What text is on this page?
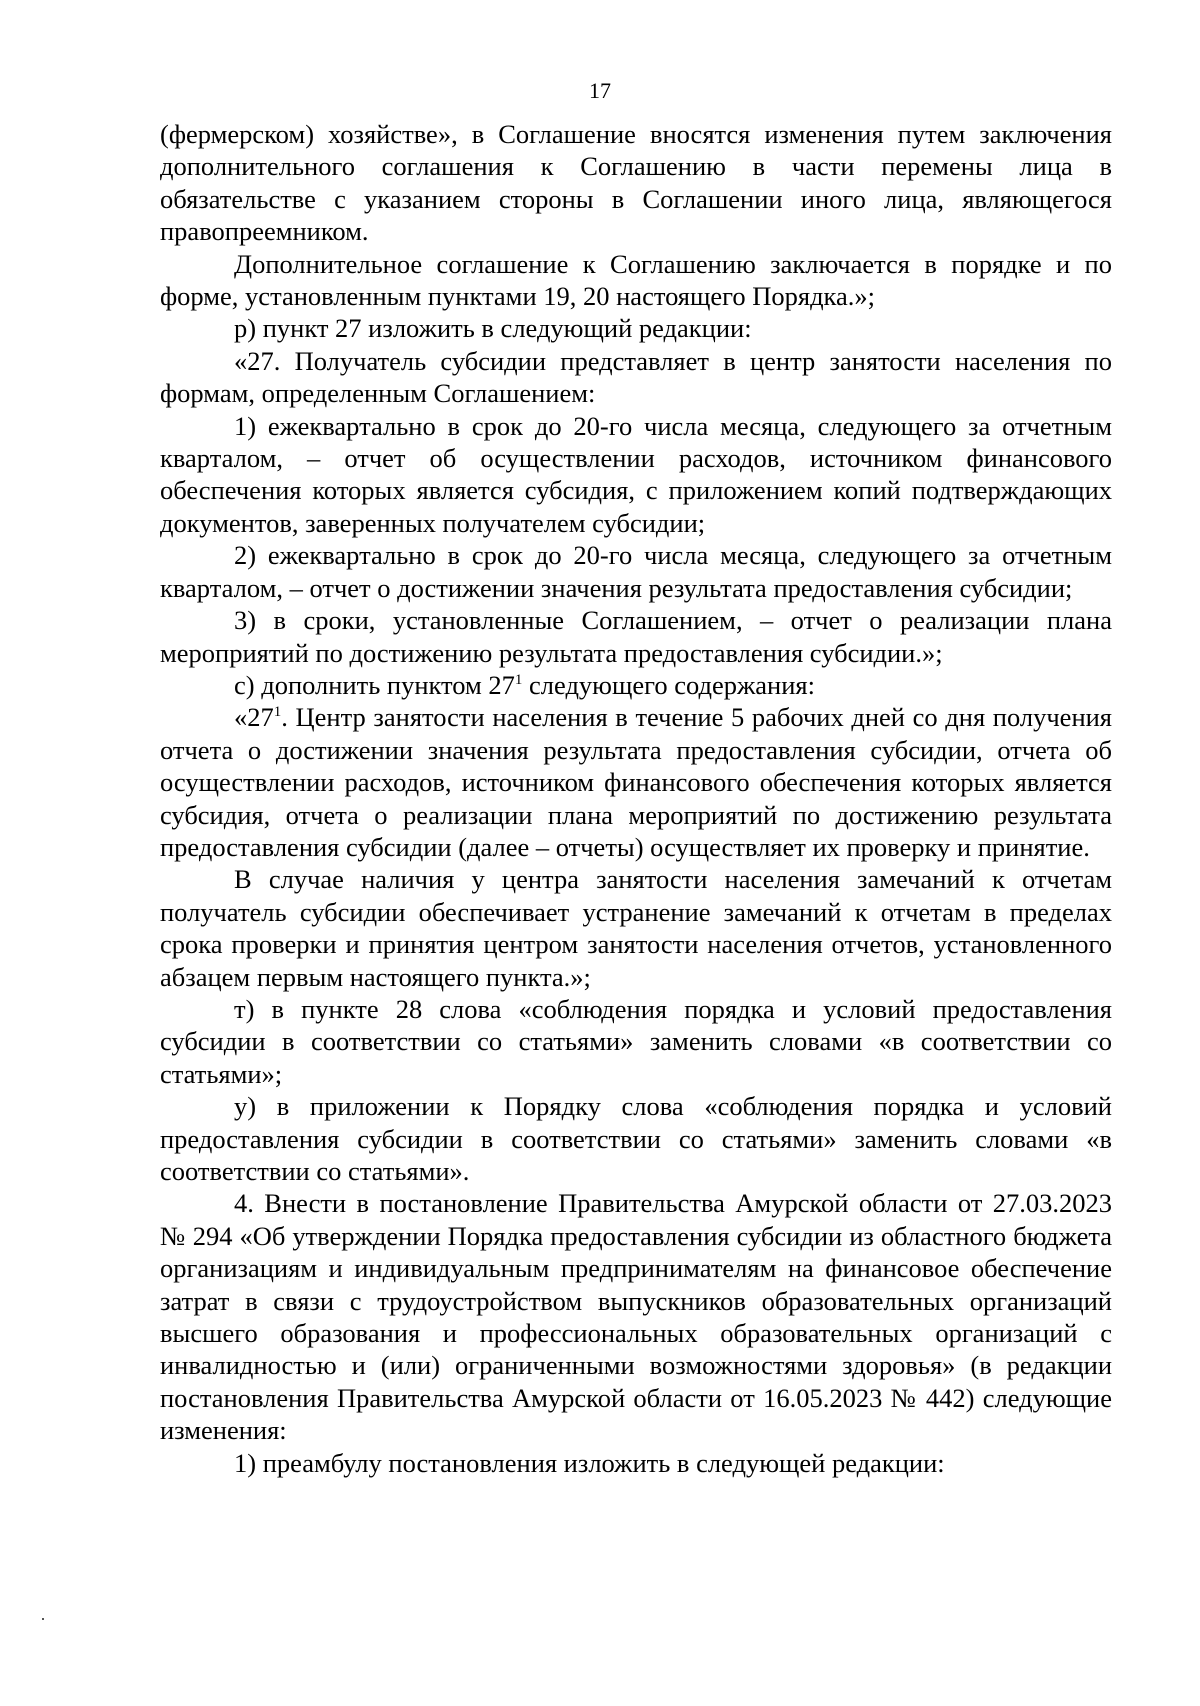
17

(фермерском) хозяйстве», в Соглашение вносятся изменения путем заключения дополнительного соглашения к Соглашению в части перемены лица в обязательстве с указанием стороны в Соглашении иного лица, являющегося правопреемником.

Дополнительное соглашение к Соглашению заключается в порядке и по форме, установленным пунктами 19, 20 настоящего Порядка.»;

р) пункт 27 изложить в следующий редакции:

«27. Получатель субсидии представляет в центр занятости населения по формам, определенным Соглашением:

1) ежеквартально в срок до 20-го числа месяца, следующего за отчетным кварталом, – отчет об осуществлении расходов, источником финансового обеспечения которых является субсидия, с приложением копий подтверждающих документов, заверенных получателем субсидии;

2) ежеквартально в срок до 20-го числа месяца, следующего за отчетным кварталом, – отчет о достижении значения результата предоставления субсидии;

3) в сроки, установленные Соглашением, – отчет о реализации плана мероприятий по достижению результата предоставления субсидии.»;

с) дополнить пунктом $27^1$ следующего содержания:

«$27^1$. Центр занятости населения в течение 5 рабочих дней со дня получения отчета о достижении значения результата предоставления субсидии, отчета об осуществлении расходов, источником финансового обеспечения которых является субсидия, отчета о реализации плана мероприятий по достижению результата предоставления субсидии (далее – отчеты) осуществляет их проверку и принятие.

В случае наличия у центра занятости населения замечаний к отчетам получатель субсидии обеспечивает устранение замечаний к отчетам в пределах срока проверки и принятия центром занятости населения отчетов, установленного абзацем первым настоящего пункта.»;

т) в пункте 28 слова «соблюдения порядка и условий предоставления субсидии в соответствии со статьями» заменить словами «в соответствии со статьями»;

у) в приложении к Порядку слова «соблюдения порядка и условий предоставления субсидии в соответствии со статьями» заменить словами «в соответствии со статьями».

4. Внести в постановление Правительства Амурской области от 27.03.2023 № 294 «Об утверждении Порядка предоставления субсидии из областного бюджета организациям и индивидуальным предпринимателям на финансовое обеспечение затрат в связи с трудоустройством выпускников образовательных организаций высшего образования и профессиональных образовательных организаций с инвалидностью и (или) ограниченными возможностями здоровья» (в редакции постановления Правительства Амурской области от 16.05.2023 № 442) следующие изменения:

1) преамбулу постановления изложить в следующей редакции:
